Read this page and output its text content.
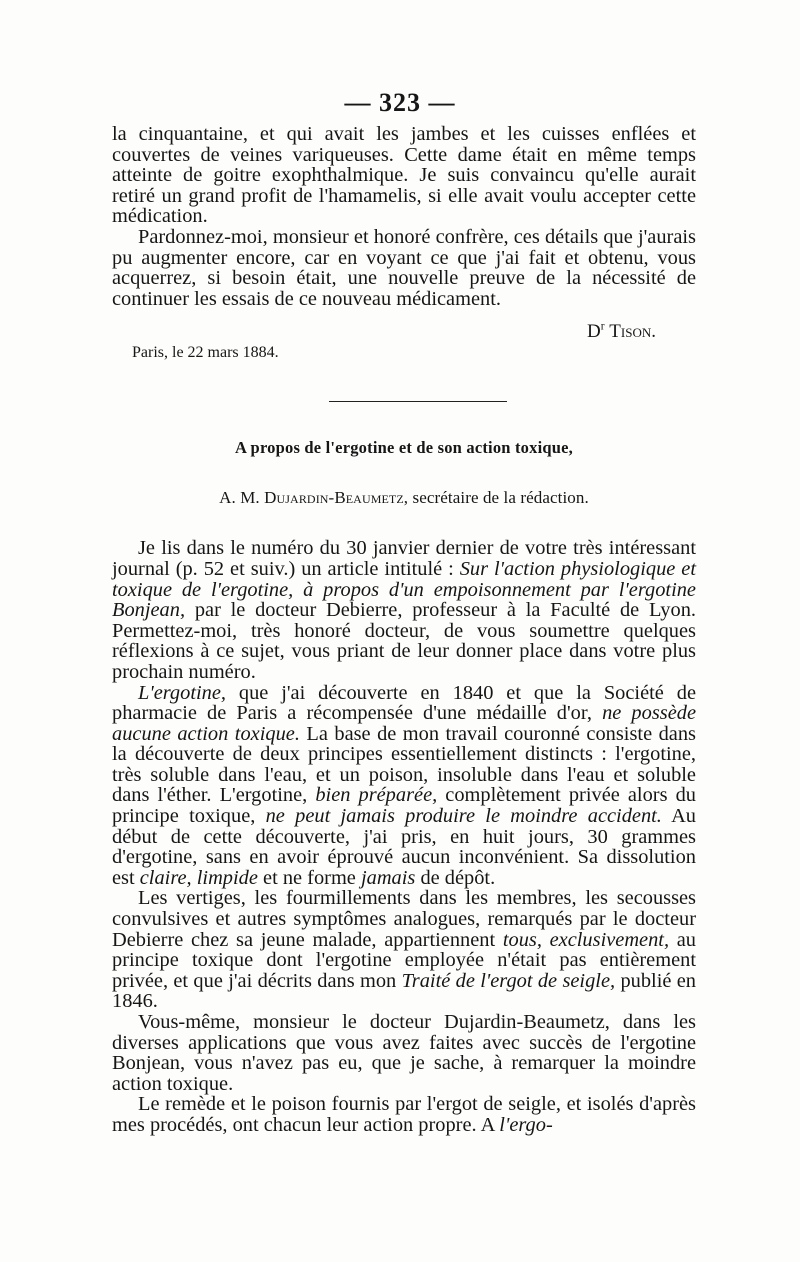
— 323 —

la cinquantaine, et qui avait les jambes et les cuisses enflées et couvertes de veines variqueuses. Cette dame était en même temps atteinte de goitre exophthalmique. Je suis convaincu qu'elle aurait retiré un grand profit de l'hamamelis, si elle avait voulu accepter cette médication.

Pardonnez-moi, monsieur et honoré confrère, ces détails que j'aurais pu augmenter encore, car en voyant ce que j'ai fait et obtenu, vous acquerrez, si besoin était, une nouvelle preuve de la nécessité de continuer les essais de ce nouveau médicament.

$D^r$ Tison.
Paris, le 22 mars 1884.
A propos de l'ergotine et de son action toxique,
A. M. Dujardin-Beaumetz, secrétaire de la rédaction.

Je lis dans le numéro du 30 janvier dernier de votre très intéressant journal (p. 52 et suiv.) un article intitulé : Sur l'action physiologique et toxique de l'ergotine, à propos d'un empoisonnement par l'ergotine Bonjean, par le docteur Debierre, professeur à la Faculté de Lyon. Permettez-moi, très honoré docteur, de vous soumettre quelques réflexions à ce sujet, vous priant de leur donner place dans votre plus prochain numéro.

L'ergotine, que j'ai découverte en 1840 et que la Société de pharmacie de Paris a récompensée d'une médaille d'or, ne possède aucune action toxique. La base de mon travail couronné consiste dans la découverte de deux principes essentiellement distincts : l'ergotine, très soluble dans l'eau, et un poison, insoluble dans l'eau et soluble dans l'éther. L'ergotine, bien préparée, complètement privée alors du principe toxique, ne peut jamais produire le moindre accident. Au début de cette découverte, j'ai pris, en huit jours, 30 grammes d'ergotine, sans en avoir éprouvé aucun inconvénient. Sa dissolution est claire, limpide et ne forme jamais de dépôt.

Les vertiges, les fourmillements dans les membres, les secousses convulsives et autres symptômes analogues, remarqués par le docteur Debierre chez sa jeune malade, appartiennent tous, exclusivement, au principe toxique dont l'ergotine employée n'était pas entièrement privée, et que j'ai décrits dans mon Traité de l'ergot de seigle, publié en 1846.

Vous-même, monsieur le docteur Dujardin-Beaumetz, dans les diverses applications que vous avez faites avec succès de l'ergotine Bonjean, vous n'avez pas eu, que je sache, à remarquer la moindre action toxique.

Le remède et le poison fournis par l'ergot de seigle, et isolés d'après mes procédés, ont chacun leur action propre. A l'ergo-
